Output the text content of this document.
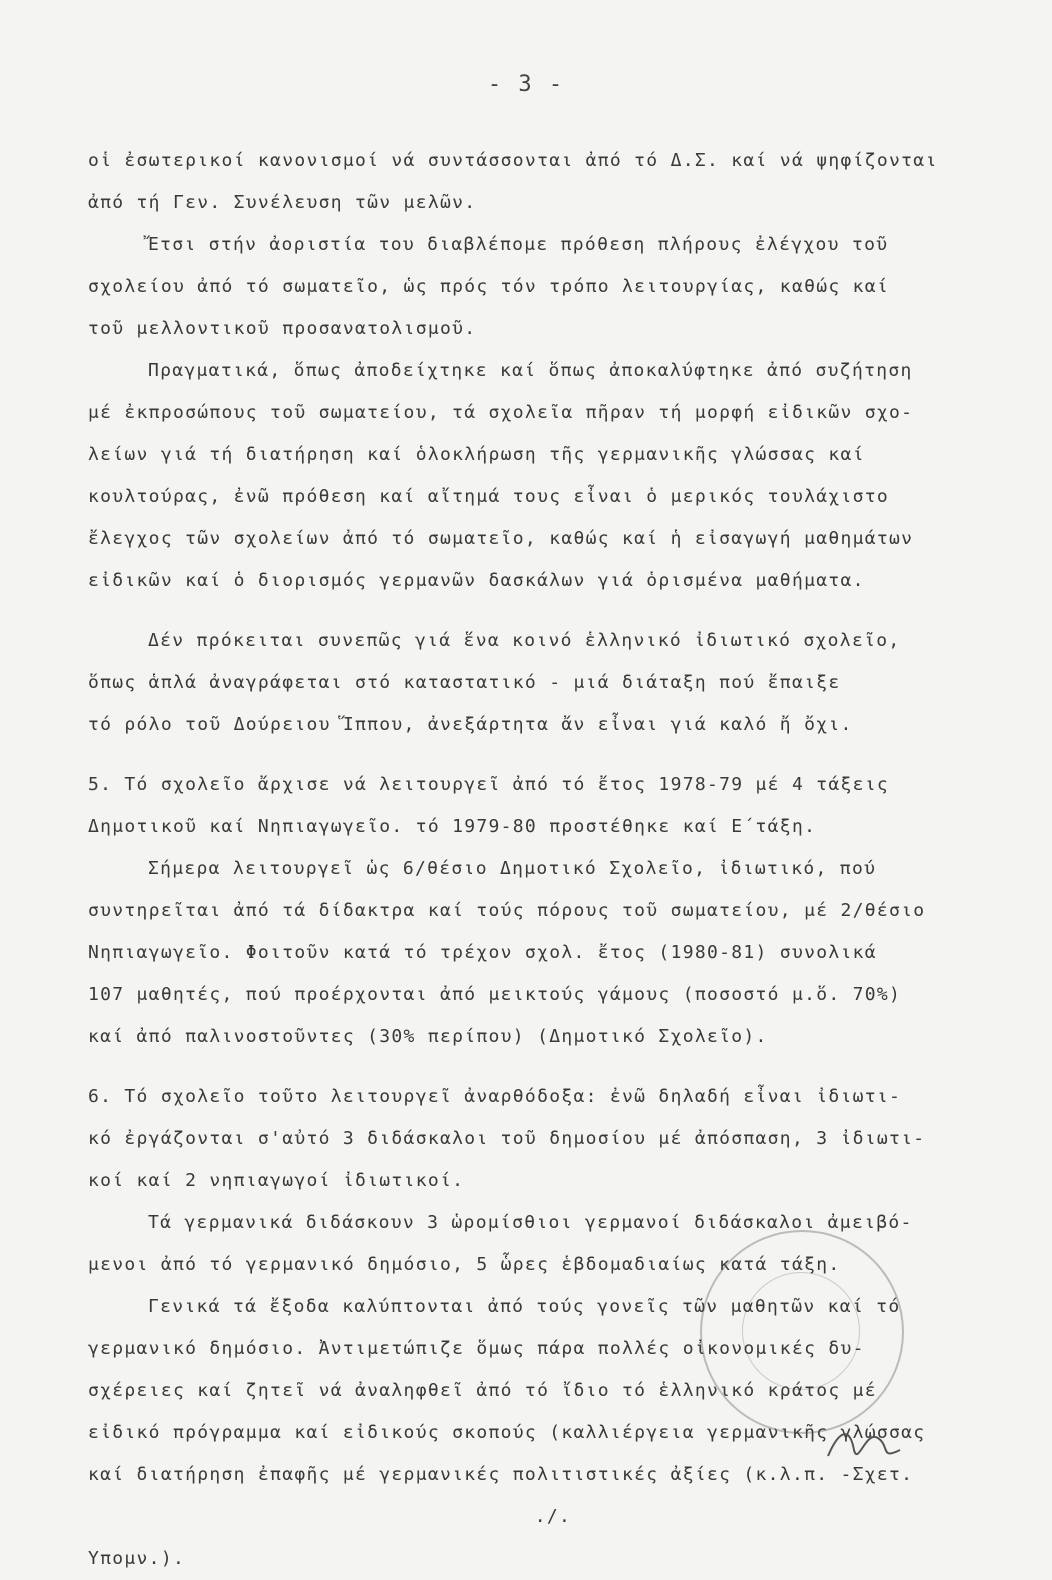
- 3 -
οἱ ἐσωτερικοί κανονισμοί νά συντάσσονται ἀπό τό Δ.Σ. καί νά ψηφίζονται
ἀπό τή Γεν. Συνέλευση τῶν μελῶν.
Ἔτσι στήν ἀοριστία του διαβλέπομε πρόθεση πλήρους ἐλέγχου τοῦ
σχολείου ἀπό τό σωματεῖο, ὡς πρός τόν τρόπο λειτουργίας, καθώς καί
τοῦ μελλοντικοῦ προσανατολισμοῦ.
Πραγματικά, ὅπως ἀποδείχτηκε καί ὅπως ἀποκαλύφτηκε ἀπό συζήτηση
μέ ἐκπροσώπους τοῦ σωματείου, τά σχολεῖα πῆραν τή μορφή εἰδικῶν σχο-
λείων γιά τή διατήρηση καί ὁλοκλήρωση τῆς γερμανικῆς γλώσσας καί
κουλτούρας, ἐνῶ πρόθεση καί αἴτημά τους εἶναι ὁ μερικός τουλάχιστο
ἔλεγχος τῶν σχολείων ἀπό τό σωματεῖο, καθώς καί ἡ εἰσαγωγή μαθημάτων
εἰδικῶν καί ὁ διορισμός γερμανῶν δασκάλων γιά ὁρισμένα μαθήματα.
Δέν πρόκειται συνεπῶς γιά ἕνα κοινό ἑλληνικό ἰδιωτικό σχολεῖο,
ὅπως ἁπλά ἀναγράφεται στό καταστατικό - μιά διάταξη πού ἔπαιξε
τό ρόλο τοῦ Δούρειου Ἵππου, ἀνεξάρτητα ἄν εἶναι γιά καλό ἤ ὄχι.
5. Τό σχολεῖο ἄρχισε νά λειτουργεῖ ἀπό τό ἔτος 1978-79 μέ 4 τάξεις
Δημοτικοῦ καί Νηπιαγωγεῖο. τό 1979-80 προστέθηκε καί Ε΄τάξη.
Σήμερα λειτουργεῖ ὡς 6/θέσιο Δημοτικό Σχολεῖο, ἰδιωτικό, πού
συντηρεῖται ἀπό τά δίδακτρα καί τούς πόρους τοῦ σωματείου, μέ 2/θέσιο
Νηπιαγωγεῖο. Φοιτοῦν κατά τό τρέχον σχολ. ἔτος (1980-81) συνολικά
107 μαθητές, πού προέρχονται ἀπό μεικτούς γάμους (ποσοστό μ.ὅ. 70%)
καί ἀπό παλινοστοῦντες (30% περίπου) (Δημοτικό Σχολεῖο).
6. Τό σχολεῖο τοῦτο λειτουργεῖ ἀναρθόδοξα: ἐνῶ δηλαδή εἶναι ἰδιωτι-
κό ἐργάζονται σ'αὐτό 3 διδάσκαλοι τοῦ δημοσίου μέ ἀπόσπαση, 3 ἰδιωτι-
κοί καί 2 νηπιαγωγοί ἰδιωτικοί.
Τά γερμανικά διδάσκουν 3 ὡρομίσθιοι γερμανοί διδάσκαλοι ἀμειβό-
μενοι ἀπό τό γερμανικό δημόσιο, 5 ὧρες ἑβδομαδιαίως κατά τάξη.
Γενικά τά ἔξοδα καλύπτονται ἀπό τούς γονεῖς τῶν μαθητῶν καί τό
γερμανικό δημόσιο. Ἀντιμετώπιζε ὅμως πάρα πολλές οἰκονομικές δυ-
σχέρειες καί ζητεῖ νά ἀναληφθεῖ ἀπό τό ἴδιο τό ἑλληνικό κράτος μέ
εἰδικό πρόγραμμα καί εἰδικούς σκοπούς (καλλιέργεια γερμανικῆς γλώσσας
καί διατήρηση ἐπαφῆς μέ γερμανικές πολιτιστικές ἀξίες (κ.λ.π. -Σχετ.
./.
Ὑπομν.).
